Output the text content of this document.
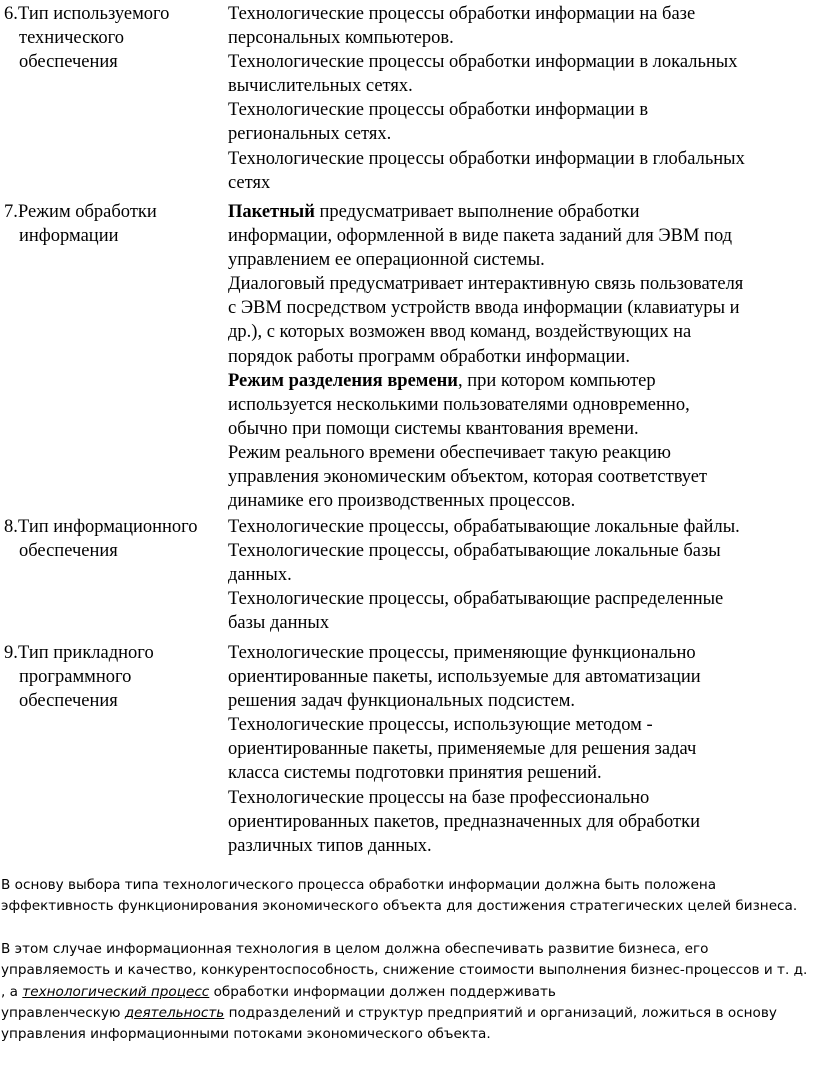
6. Тип используемого
технического
обеспечения

Технологические процессы обработки информации на базе
персональных компьютеров.

Технологические процессы обработки информации в локальных
вычислительных сетях.

Технологические процессы обработки информации в
региональных сетях.

Технологические процессы обработки информации в глобальных
сетях

7. Режим обработки
информации

Пакетный предусматривает выполнение обработки
информации, оформленной в виде пакета заданий для ЭВМ под
управлением ее операционной системы.

Диалоговый предусматривает интерактивную связь пользователя
с ЭВМ посредством устройств ввода информации (клавиатуры и
др.), с которых возможен ввод команд, воздействующих на
порядок работы программ обработки информации.

Режим разделения времени, при котором компьютер
используется несколькими пользователями одновременно,
обычно при помощи системы квантования времени.

Режим реального времени обеспечивает такую реакцию
управления экономическим объектом, которая соответствует
динамике его производственных процессов.

8. Тип информационного
обеспечения

Технологические процессы, обрабатывающие локальные файлы.

Технологические процессы, обрабатывающие локальные базы
данных.

Технологические процессы, обрабатывающие распределенные
базы данных

9. Тип прикладного
программного
обеспечения

Технологические процессы, применяющие функционально
ориентированные пакеты, используемые для автоматизации
решения задач функциональных подсистем.

Технологические процессы, использующие методом -
ориентированные пакеты, применяемые для решения задач
класса системы подготовки принятия решений.

Технологические процессы на базе профессионально
ориентированных пакетов, предназначенных для обработки
различных типов данных.

В основу выбора типа технологического процесса обработки информации должна быть положена
эффективность функционирования экономического объекта для достижения стратегических целей бизнеса.

В этом случае информационная технология в целом должна обеспечивать развитие бизнеса, его
управляемость и качество, конкурентоспособность, снижение стоимости выполнения бизнес-процессов и т. д.
, а технологический процесс обработки информации должен поддерживать
управленческую деятельность подразделений и структур предприятий и организаций, ложиться в основу
управления информационными потоками экономического объекта.
